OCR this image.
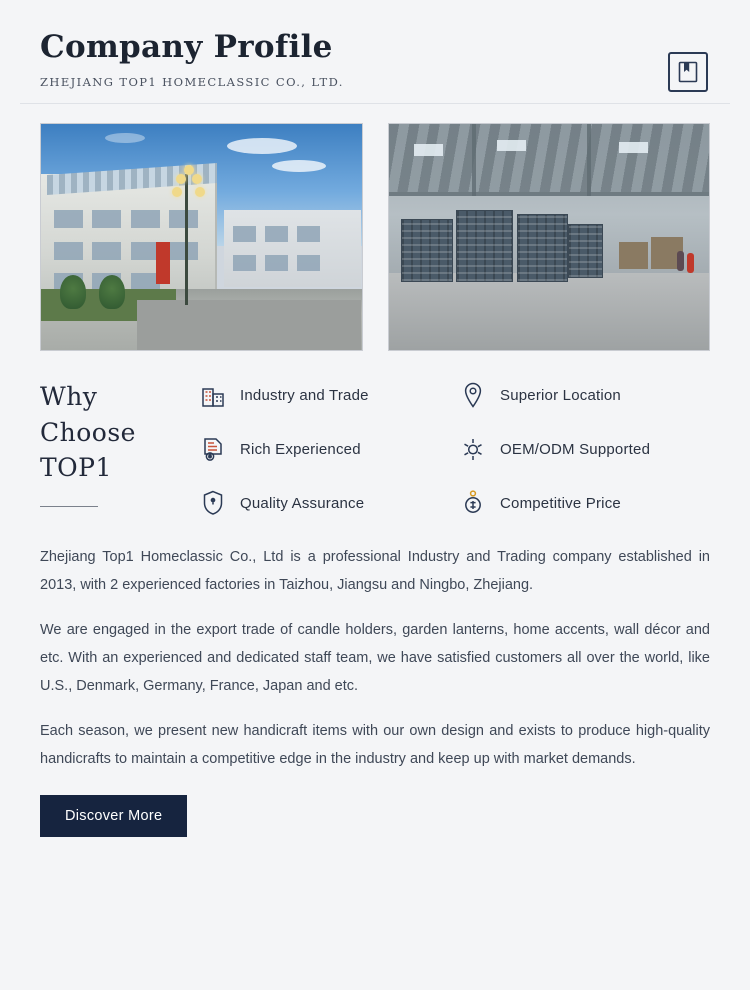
Company Profile
ZHEJIANG TOP1 HOMECLASSIC CO., LTD.
Why
Choose
TOP1
Industry and Trade	Superior Location
Rich Experienced	OEM/ODM Supported
Quality Assurance	Competitive Price

Zhejiang Top1 Homeclassic Co., Ltd is a professional Industry and Trading company established in 2013, with 2 experienced factories in Taizhou, Jiangsu and Ningbo, Zhejiang.

We are engaged in the export trade of candle holders, garden lanterns, home accents, wall décor and etc. With an experienced and dedicated staff team, we have satisfied customers all over the world, like U.S., Denmark, Germany, France, Japan and etc.

Each season, we present new handicraft items with our own design and exists to produce high-quality handicrafts to maintain a competitive edge in the industry and keep up with market demands.

Discover More
